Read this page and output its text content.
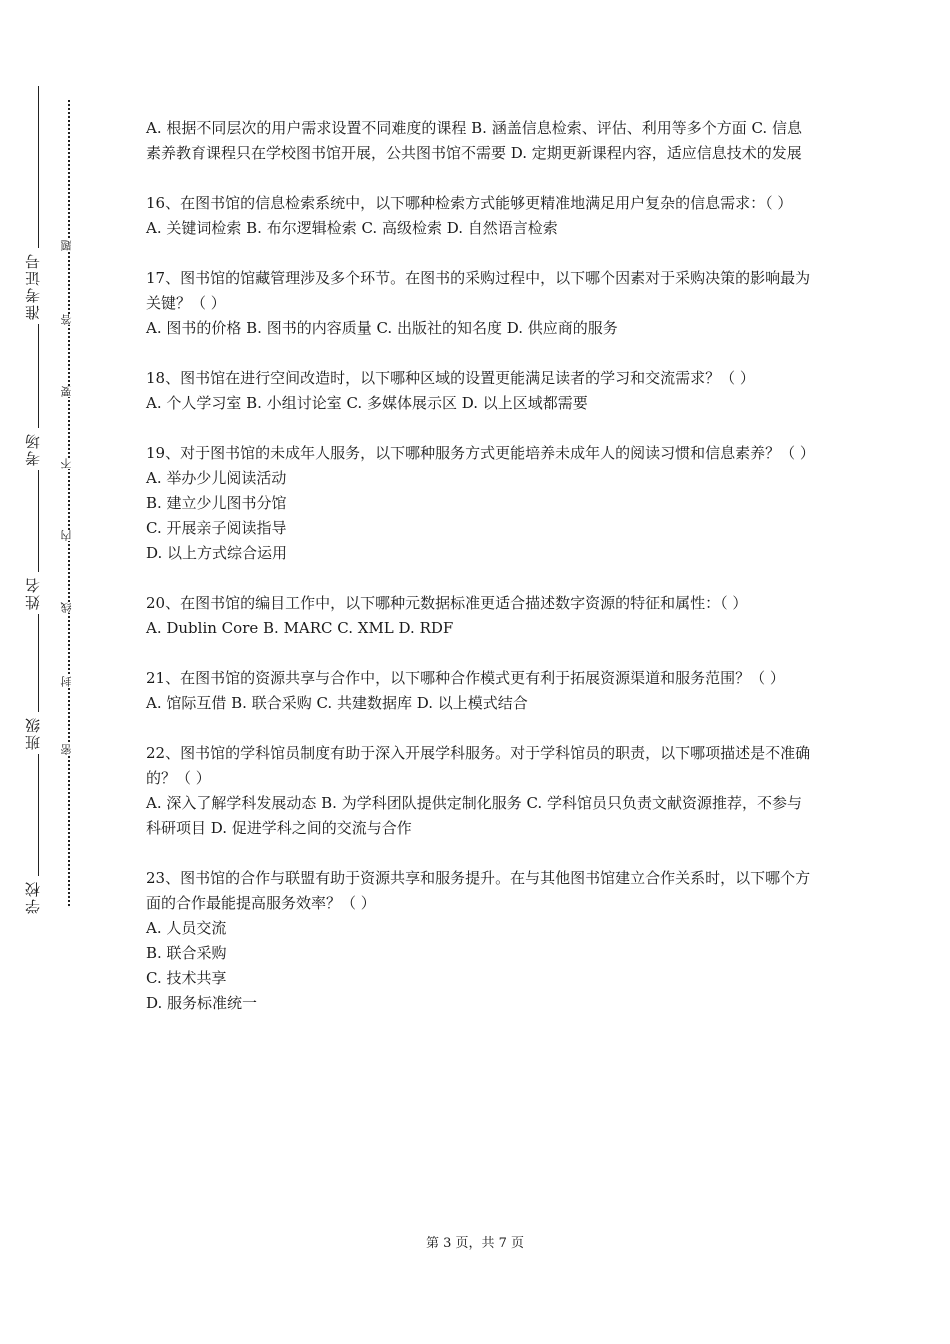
准考证号
考场
姓名
班级
学校
题
答
要
不
内
线
封
密

A. 根据不同层次的用户需求设置不同难度的课程 B. 涵盖信息检索、评估、利用等多个方面 C. 信息素养教育课程只在学校图书馆开展，公共图书馆不需要 D. 定期更新课程内容，适应信息技术的发展

16、在图书馆的信息检索系统中，以下哪种检索方式能够更精准地满足用户复杂的信息需求：（ ）

A. 关键词检索 B. 布尔逻辑检索 C. 高级检索 D. 自然语言检索

17、图书馆的馆藏管理涉及多个环节。在图书的采购过程中，以下哪个因素对于采购决策的影响最为关键？（ ）

A. 图书的价格 B. 图书的内容质量 C. 出版社的知名度 D. 供应商的服务

18、图书馆在进行空间改造时，以下哪种区域的设置更能满足读者的学习和交流需求？（ ）

A. 个人学习室 B. 小组讨论室 C. 多媒体展示区 D. 以上区域都需要

19、对于图书馆的未成年人服务，以下哪种服务方式更能培养未成年人的阅读习惯和信息素养？（ ）

A. 举办少儿阅读活动

B. 建立少儿图书分馆

C. 开展亲子阅读指导

D. 以上方式综合运用

20、在图书馆的编目工作中，以下哪种元数据标准更适合描述数字资源的特征和属性：（ ）

A. Dublin Core B. MARC C. XML D. RDF

21、在图书馆的资源共享与合作中，以下哪种合作模式更有利于拓展资源渠道和服务范围？（ ）

A. 馆际互借 B. 联合采购 C. 共建数据库 D. 以上模式结合

22、图书馆的学科馆员制度有助于深入开展学科服务。对于学科馆员的职责，以下哪项描述是不准确的？（ ）

A. 深入了解学科发展动态 B. 为学科团队提供定制化服务 C. 学科馆员只负责文献资源推荐，不参与科研项目 D. 促进学科之间的交流与合作

23、图书馆的合作与联盟有助于资源共享和服务提升。在与其他图书馆建立合作关系时，以下哪个方面的合作最能提高服务效率？（ ）

A. 人员交流

B. 联合采购

C. 技术共享

D. 服务标准统一

第 3 页，共 7 页
